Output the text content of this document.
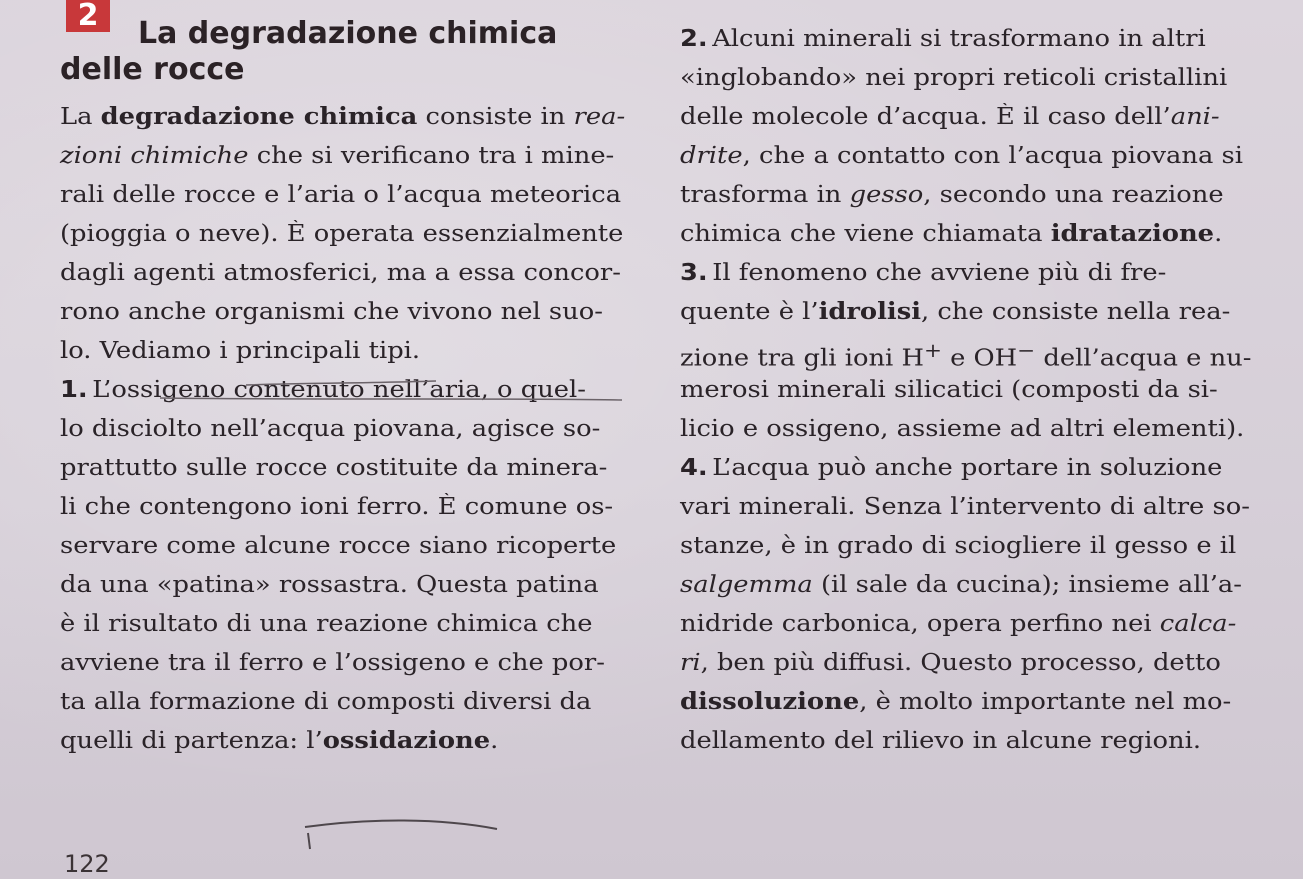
2
La degradazione chimica
delle rocce
La degradazione chimica consiste in rea-
zioni chimiche che si verificano tra i mine-
rali delle rocce e l’aria o l’acqua meteorica
(pioggia o neve). È operata essenzialmente
dagli agenti atmosferici, ma a essa concor-
rono anche organismi che vivono nel suo-
lo. Vediamo i principali tipi.
1. L’ossigeno contenuto nell’aria, o quel-
lo disciolto nell’acqua piovana, agisce so-
prattutto sulle rocce costituite da minera-
li che contengono ioni ferro. È comune os-
servare come alcune rocce siano ricoperte
da una «patina» rossastra. Questa patina
è il risultato di una reazione chimica che
avviene tra il ferro e l’ossigeno e che por-
ta alla formazione di composti diversi da
quelli di partenza: l’ossidazione.
2. Alcuni minerali si trasformano in altri
«inglobando» nei propri reticoli cristallini
delle molecole d’acqua. È il caso dell’ani-
drite, che a contatto con l’acqua piovana si
trasforma in gesso, secondo una reazione
chimica che viene chiamata idratazione.
3. Il fenomeno che avviene più di fre-
quente è l’idrolisi, che consiste nella rea-
zione tra gli ioni H+ e OH− dell’acqua e nu-
merosi minerali silicatici (composti da si-
licio e ossigeno, assieme ad altri elementi).
4. L’acqua può anche portare in soluzione
vari minerali. Senza l’intervento di altre so-
stanze, è in grado di sciogliere il gesso e il
salgemma (il sale da cucina); insieme all’a-
nidride carbonica, opera perfino nei calca-
ri, ben più diffusi. Questo processo, detto
dissoluzione, è molto importante nel mo-
dellamento del rilievo in alcune regioni.
122
